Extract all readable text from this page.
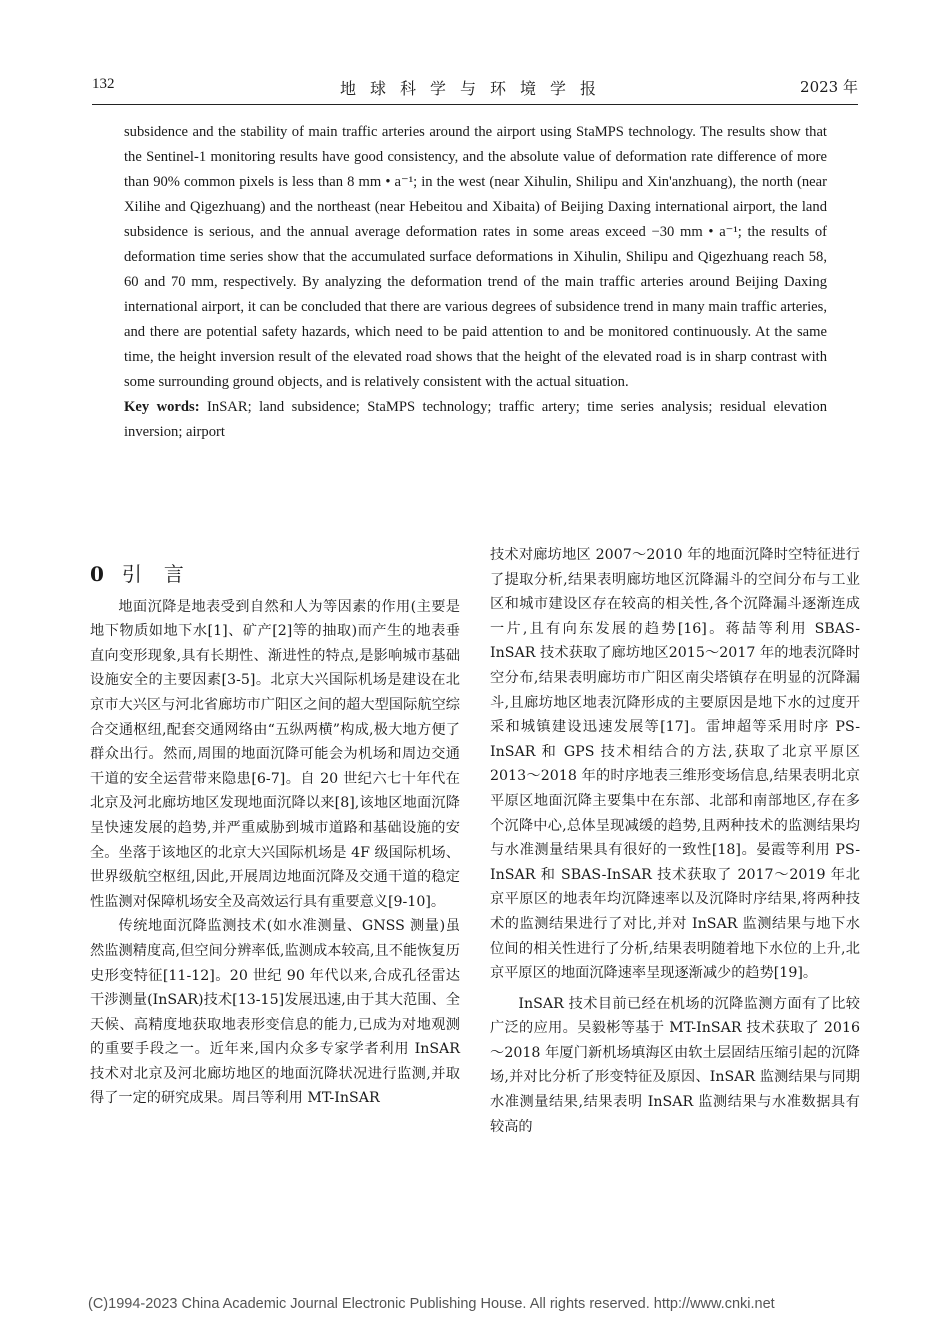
132	地球科学与环境学报	2023 年

subsidence and the stability of main traffic arteries around the airport using StaMPS technology. The results show that the Sentinel-1 monitoring results have good consistency, and the absolute value of deformation rate difference of more than 90% common pixels is less than 8 mm • a⁻¹; in the west (near Xihulin, Shilipu and Xin'anzhuang), the north (near Xilihe and Qigezhuang) and the northeast (near Hebeitou and Xibaita) of Beijing Daxing international airport, the land subsidence is serious, and the annual average deformation rates in some areas exceed −30 mm • a⁻¹; the results of deformation time series show that the accumulated surface deformations in Xihulin, Shilipu and Qigezhuang reach 58, 60 and 70 mm, respectively. By analyzing the deformation trend of the main traffic arteries around Beijing Daxing international airport, it can be concluded that there are various degrees of subsidence trend in many main traffic arteries, and there are potential safety hazards, which need to be paid attention to and be monitored continuously. At the same time, the height inversion result of the elevated road shows that the height of the elevated road is in sharp contrast with some surrounding ground objects, and is relatively consistent with the actual situation.

Key words: InSAR; land subsidence; StaMPS technology; traffic artery; time series analysis; residual elevation inversion; airport

0 引言

地面沉降是地表受到自然和人为等因素的作用(主要是地下物质如地下水[1]、矿产[2]等的抽取)而产生的地表垂直向变形现象,具有长期性、渐进性的特点,是影响城市基础设施安全的主要因素[3-5]。北京大兴国际机场是建设在北京市大兴区与河北省廊坊市广阳区之间的超大型国际航空综合交通枢纽,配套交通网络由“五纵两横”构成,极大地方便了群众出行。然而,周围的地面沉降可能会为机场和周边交通干道的安全运营带来隐患[6-7]。自 20 世纪六七十年代在北京及河北廊坊地区发现地面沉降以来[8],该地区地面沉降呈快速发展的趋势,并严重威胁到城市道路和基础设施的安全。坐落于该地区的北京大兴国际机场是 4F 级国际机场、世界级航空枢纽,因此,开展周边地面沉降及交通干道的稳定性监测对保障机场安全及高效运行具有重要意义[9-10]。

传统地面沉降监测技术(如水准测量、GNSS 测量)虽然监测精度高,但空间分辨率低,监测成本较高,且不能恢复历史形变特征[11-12]。20 世纪 90 年代以来,合成孔径雷达干涉测量(InSAR)技术[13-15]发展迅速,由于其大范围、全天候、高精度地获取地表形变信息的能力,已成为对地观测的重要手段之一。近年来,国内众多专家学者利用 InSAR 技术对北京及河北廊坊地区的地面沉降状况进行监测,并取得了一定的研究成果。周吕等利用 MT-InSAR

技术对廊坊地区 2007～2010 年的地面沉降时空特征进行了提取分析,结果表明廊坊地区沉降漏斗的空间分布与工业区和城市建设区存在较高的相关性,各个沉降漏斗逐渐连成一片,且有向东发展的趋势[16]。蒋喆等利用 SBAS-InSAR 技术获取了廊坊地区2015～2017 年的地表沉降时空分布,结果表明廊坊市广阳区南尖塔镇存在明显的沉降漏斗,且廊坊地区地表沉降形成的主要原因是地下水的过度开采和城镇建设迅速发展等[17]。雷坤超等采用时序 PS-InSAR 和 GPS 技术相结合的方法,获取了北京平原区 2013～2018 年的时序地表三维形变场信息,结果表明北京平原区地面沉降主要集中在东部、北部和南部地区,存在多个沉降中心,总体呈现减缓的趋势,且两种技术的监测结果均与水准测量结果具有很好的一致性[18]。晏霞等利用 PS-InSAR 和 SBAS-InSAR 技术获取了 2017～2019 年北京平原区的地表年均沉降速率以及沉降时序结果,将两种技术的监测结果进行了对比,并对 InSAR 监测结果与地下水位间的相关性进行了分析,结果表明随着地下水位的上升,北京平原区的地面沉降速率呈现逐渐减少的趋势[19]。

InSAR 技术目前已经在机场的沉降监测方面有了比较广泛的应用。吴毅彬等基于 MT-InSAR 技术获取了 2016～2018 年厦门新机场填海区由软土层固结压缩引起的沉降场,并对比分析了形变特征及原因、InSAR 监测结果与同期水准测量结果,结果表明 InSAR 监测结果与水准数据具有较高的

(C)1994-2023 China Academic Journal Electronic Publishing House. All rights reserved. http://www.cnki.net
